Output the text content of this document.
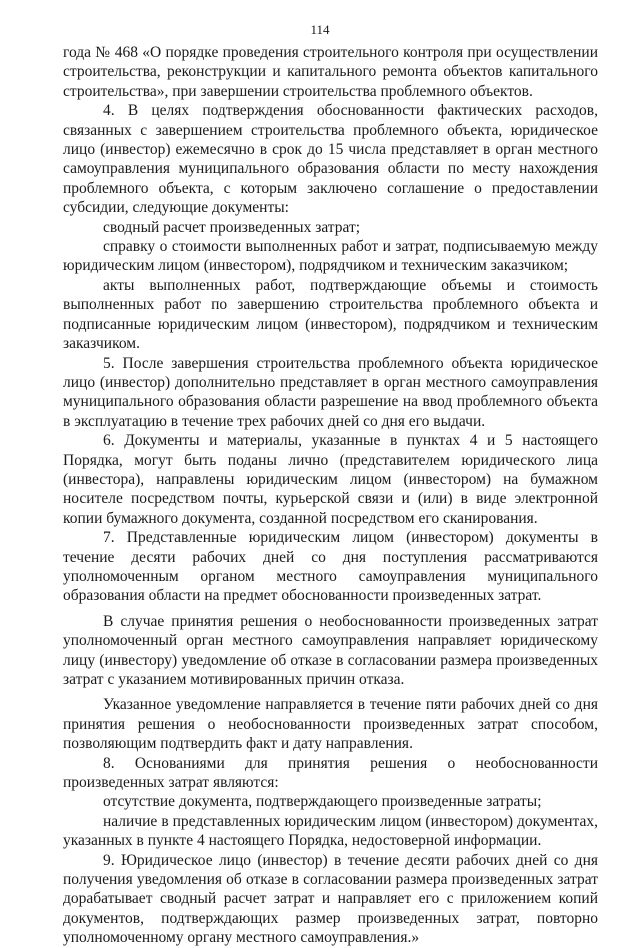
114

года № 468 «О порядке проведения строительного контроля при осуществлении строительства, реконструкции и капитального ремонта объектов капитального строительства», при завершении строительства проблемного объектов.

4. В целях подтверждения обоснованности фактических расходов, связанных с завершением строительства проблемного объекта, юридическое лицо (инвестор) ежемесячно в срок до 15 числа представляет в орган местного самоуправления муниципального образования области по месту нахождения проблемного объекта, с которым заключено соглашение о предоставлении субсидии, следующие документы:

сводный расчет произведенных затрат;

справку о стоимости выполненных работ и затрат, подписываемую между юридическим лицом (инвестором), подрядчиком и техническим заказчиком;

акты выполненных работ, подтверждающие объемы и стоимость выполненных работ по завершению строительства проблемного объекта и подписанные юридическим лицом (инвестором), подрядчиком и техническим заказчиком.

5. После завершения строительства проблемного объекта юридическое лицо (инвестор) дополнительно представляет в орган местного самоуправления муниципального образования области разрешение на ввод проблемного объекта в эксплуатацию в течение трех рабочих дней со дня его выдачи.

6. Документы и материалы, указанные в пунктах 4 и 5 настоящего Порядка, могут быть поданы лично (представителем юридического лица (инвестора), направлены юридическим лицом (инвестором) на бумажном носителе посредством почты, курьерской связи и (или) в виде электронной копии бумажного документа, созданной посредством его сканирования.

7. Представленные юридическим лицом (инвестором) документы в течение десяти рабочих дней со дня поступления рассматриваются уполномоченным органом местного самоуправления муниципального образования области на предмет обоснованности произведенных затрат.

В случае принятия решения о необоснованности произведенных затрат уполномоченный орган местного самоуправления направляет юридическому лицу (инвестору) уведомление об отказе в согласовании размера произведенных затрат с указанием мотивированных причин отказа.

Указанное уведомление направляется в течение пяти рабочих дней со дня принятия решения о необоснованности произведенных затрат способом, позволяющим подтвердить факт и дату направления.

8. Основаниями для принятия решения о необоснованности произведенных затрат являются:

отсутствие документа, подтверждающего произведенные затраты;

наличие в представленных юридическим лицом (инвестором) документах, указанных в пункте 4 настоящего Порядка, недостоверной информации.

9. Юридическое лицо (инвестор) в течение десяти рабочих дней со дня получения уведомления об отказе в согласовании размера произведенных затрат дорабатывает сводный расчет затрат и направляет его с приложением копий документов, подтверждающих размер произведенных затрат, повторно уполномоченному органу местного самоуправления.»
